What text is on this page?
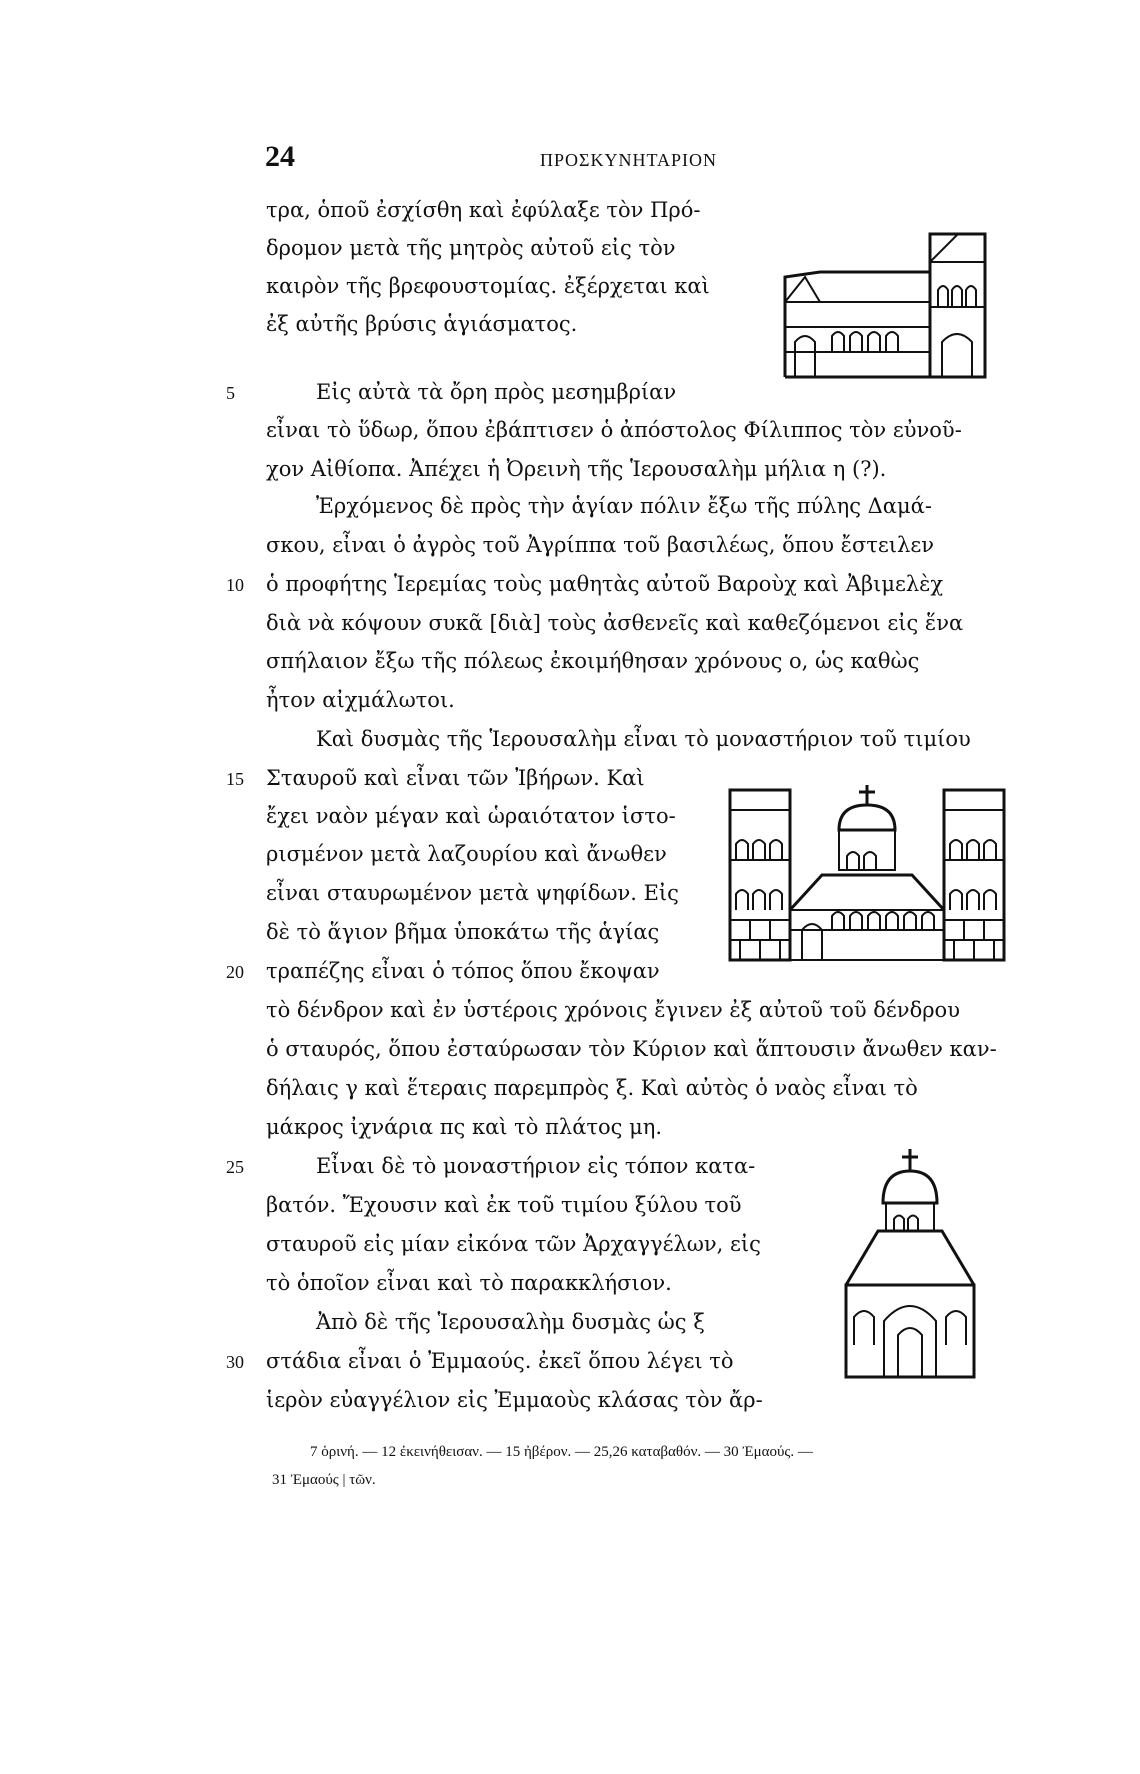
24	ΠΡΟΣΚΥΝΗΤΑΡΙΟΝ
τρα, ὁποῦ ἐσχίσθη καὶ ἐφύλαξε τὸν Πρό-
δρομον μετὰ τῆς μητρὸς αὐτοῦ εἰς τὸν
καιρὸν τῆς βρεφουστομίας. ἐξέρχεται καὶ
ἐξ αὐτῆς βρύσις ἁγιάσματος.
Εἰς αὐτὰ τὰ ὄρη πρὸς μεσημβρίαν
εἶναι τὸ ὕδωρ, ὅπου ἐβάπτισεν ὁ ἀπόστολος Φίλιππος τὸν εὐνοῦ-
χον Αἰθίοπα. Ἀπέχει ἡ Ὀρεινὴ τῆς Ἱερουσαλὴμ μήλια η (?).
Ἐρχόμενος δὲ πρὸς τὴν ἁγίαν πόλιν ἔξω τῆς πύλης Δαμά-
σκου, εἶναι ὁ ἀγρὸς τοῦ Ἀγρίππα τοῦ βασιλέως, ὅπου ἔστειλεν
ὁ προφήτης Ἱερεμίας τοὺς μαθητὰς αὐτοῦ Βαροὺχ καὶ Ἀβιμελὲχ
διὰ νὰ κόψουν συκᾶ [διὰ] τοὺς ἀσθενεῖς καὶ καθεζόμενοι εἰς ἕνα
σπήλαιον ἔξω τῆς πόλεως ἐκοιμήθησαν χρόνους ο, ὡς καθὼς
ἦτον αἰχμάλωτοι.
Καὶ δυσμὰς τῆς Ἱερουσαλὴμ εἶναι τὸ μοναστήριον τοῦ τιμίου
Σταυροῦ καὶ εἶναι τῶν Ἰβήρων. Καὶ
ἔχει ναὸν μέγαν καὶ ὡραιότατον ἱστο-
ρισμένον μετὰ λαζουρίου καὶ ἄνωθεν
εἶναι σταυρωμένον μετὰ ψηφίδων. Εἰς
δὲ τὸ ἅγιον βῆμα ὑποκάτω τῆς ἁγίας
τραπέζης εἶναι ὁ τόπος ὅπου ἔκοψαν
τὸ δένδρον καὶ ἐν ὑστέροις χρόνοις ἔγινεν ἐξ αὐτοῦ τοῦ δένδρου
ὁ σταυρός, ὅπου ἐσταύρωσαν τὸν Κύριον καὶ ἅπτουσιν ἄνωθεν καν-
δήλαις γ καὶ ἕτεραις παρεμπρὸς ξ. Καὶ αὐτὸς ὁ ναὸς εἶναι τὸ
μάκρος ἰχνάρια πς καὶ τὸ πλάτος μη.
Εἶναι δὲ τὸ μοναστήριον εἰς τόπον κατα-
βατόν. Ἔχουσιν καὶ ἐκ τοῦ τιμίου ξύλου τοῦ
σταυροῦ εἰς μίαν εἰκόνα τῶν Ἀρχαγγέλων, εἰς
τὸ ὁποῖον εἶναι καὶ τὸ παρακκλήσιον.
Ἀπὸ δὲ τῆς Ἱερουσαλὴμ δυσμὰς ὡς ξ
στάδια εἶναι ὁ Ἐμμαούς. ἐκεῖ ὅπου λέγει τὸ
ἱερὸν εὐαγγέλιον εἰς Ἐμμαοὺς κλάσας τὸν ἄρ-
5
10
15
20
25
30
7 ὁρινή. — 12 ἐκεινήθεισαν. — 15 ἠβέρον. — 25,26 καταβαθόν. — 30 Ἐμαούς. —
31 Ἐμαούς | τῶν.
